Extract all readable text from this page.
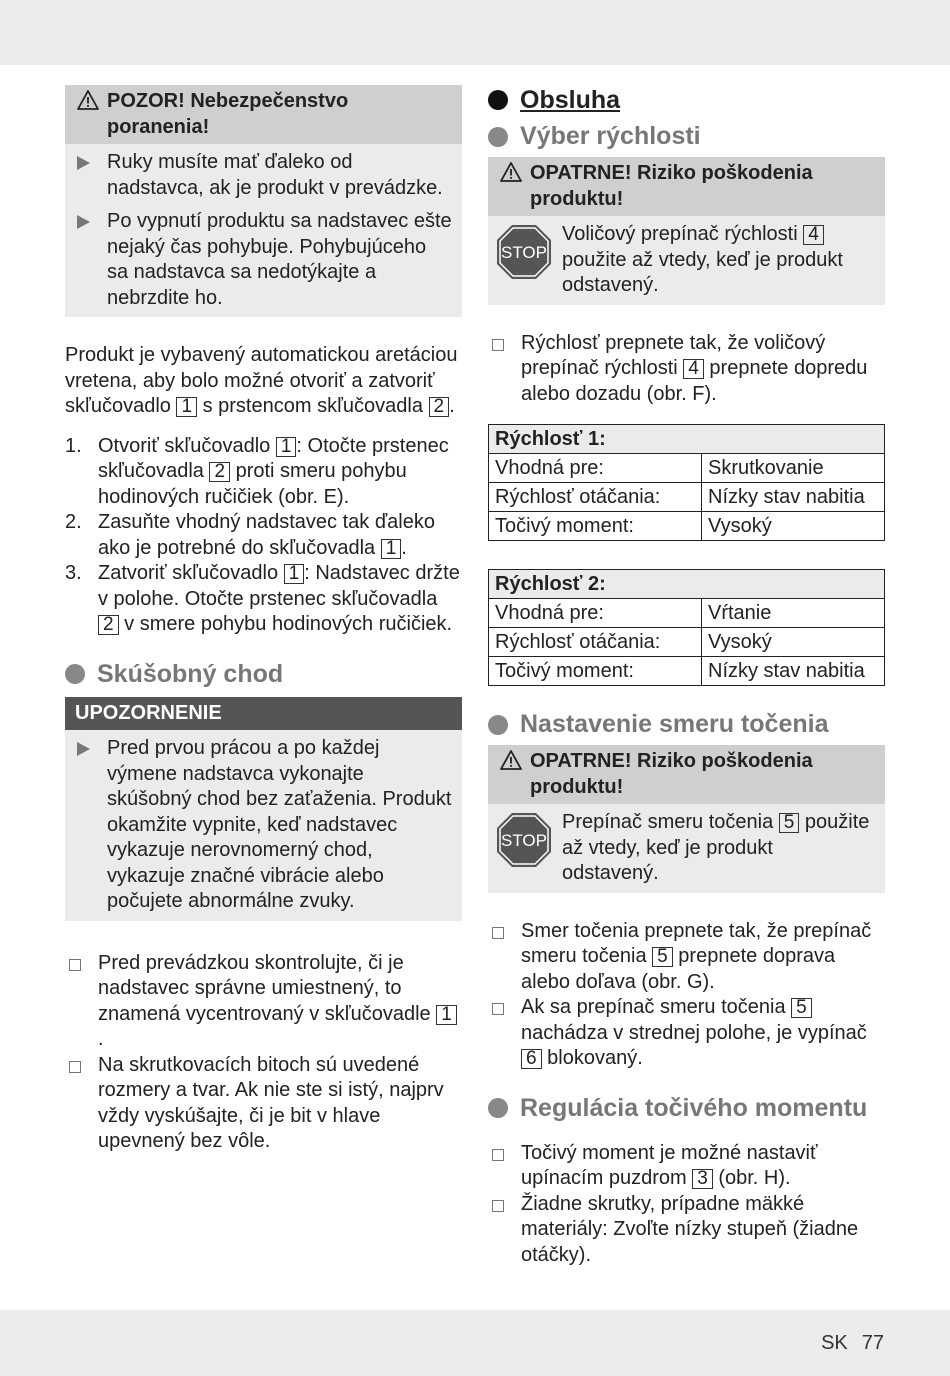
POZOR! Nebezpečenstvo poranenia!
Ruky musíte mať ďaleko od nadstavca, ak je produkt v prevádzke.
Po vypnutí produktu sa nadstavec ešte nejaký čas pohybuje. Pohybujúceho sa nadstavca sa nedotýkajte a nebrzdite ho.

Produkt je vybavený automatickou aretáciou vretena, aby bolo možné otvoriť a zatvoriť skľučovadlo 1 s prstencom skľučovadla 2 .

1. Otvoriť skľučovadlo 1 : Otočte prstenec skľučovadla 2 proti smeru pohybu hodinových ručičiek (obr. E).
2. Zasuňte vhodný nadstavec tak ďaleko ako je potrebné do skľučovadla 1 .
3. Zatvoriť skľučovadlo 1 : Nadstavec držte v polohe. Otočte prstenec skľučovadla 2 v smere pohybu hodinových ručičiek.
Skúšobný chod
UPOZORNENIE
Pred prvou prácou a po každej výmene nadstavca vykonajte skúšobný chod bez zaťaženia. Produkt okamžite vypnite, keď nadstavec vykazuje nerovnomerný chod, vykazuje značné vibrácie alebo počujete abnormálne zvuky.
Pred prevádzkou skontrolujte, či je nadstavec správne umiestnený, to znamená vycentrovaný v skľučovadle 1.
Na skrutkovacích bitoch sú uvedené rozmery a tvar. Ak nie ste si istý, najprv vždy vyskúšajte, či je bit v hlave upevnený bez vôle.
Obsluha
Výber rýchlosti
OPATRNE! Riziko poškodenia produktu!
STOP

Voličový prepínač rýchlosti 4 použite až vtedy, keď je produkt odstavený.

Rýchlosť prepnete tak, že voličový prepínač rýchlosti 4 prepnete dopredu alebo dozadu (obr. F).
Rýchlosť 1:	
Vhodná pre:	Skrutkovanie
Rýchlosť otáčania:	Nízky stav nabitia
Točivý moment:	Vysoký
Rýchlosť 2:	
Vhodná pre:	Vŕtanie
Rýchlosť otáčania:	Vysoký
Točivý moment:	Nízky stav nabitia
Nastavenie smeru točenia
OPATRNE! Riziko poškodenia produktu!
STOP

Prepínač smeru točenia 5 použite až vtedy, keď je produkt odstavený.

Smer točenia prepnete tak, že prepínač smeru točenia 5 prepnete doprava alebo doľava (obr. G).
Ak sa prepínač smeru točenia 5 nachádza v strednej polohe, je vypínač 6 blokovaný.
Regulácia točivého momentu
Točivý moment je možné nastaviť upínacím puzdrom 3 (obr. H).
Žiadne skrutky, prípadne mäkké materiály: Zvoľte nízky stupeň (žiadne otáčky).
SK 77
